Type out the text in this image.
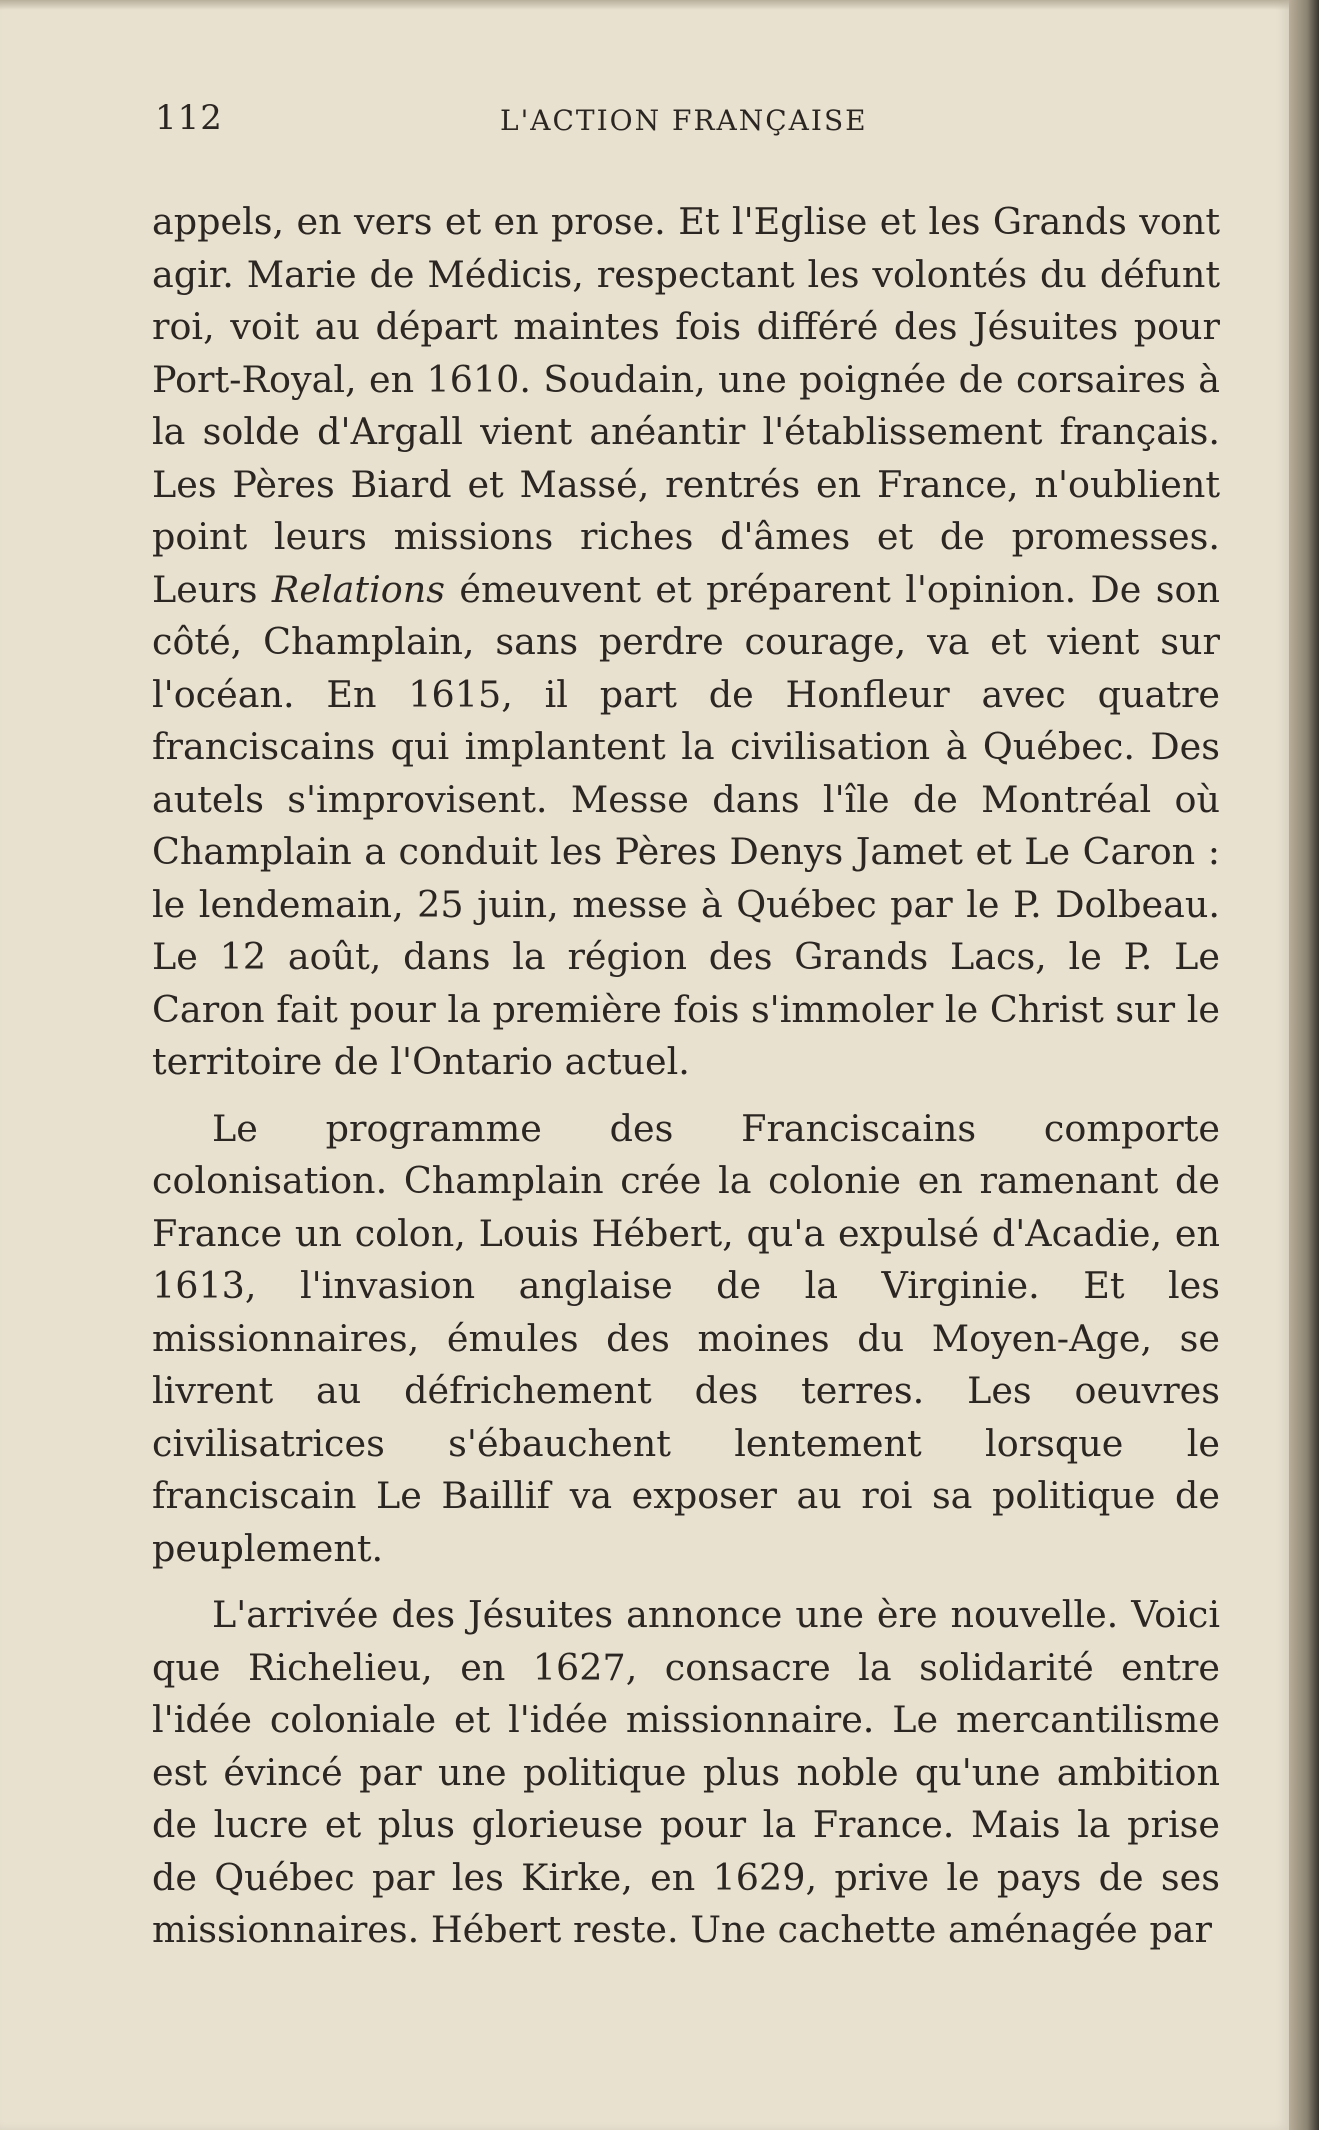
112	L'ACTION FRANÇAISE

appels, en vers et en prose. Et l'Eglise et les Grands vont agir. Marie de Médicis, respectant les volontés du défunt roi, voit au départ maintes fois différé des Jésuites pour Port-Royal, en 1610. Soudain, une poignée de corsaires à la solde d'Argall vient anéantir l'établissement français. Les Pères Biard et Massé, rentrés en France, n'oublient point leurs missions riches d'âmes et de promesses. Leurs Relations émeuvent et préparent l'opinion. De son côté, Champlain, sans perdre courage, va et vient sur l'océan. En 1615, il part de Honfleur avec quatre franciscains qui implantent la civilisation à Québec. Des autels s'improvisent. Messe dans l'île de Montréal où Champlain a conduit les Pères Denys Jamet et Le Caron : le lendemain, 25 juin, messe à Québec par le P. Dolbeau. Le 12 août, dans la région des Grands Lacs, le P. Le Caron fait pour la première fois s'immoler le Christ sur le territoire de l'Ontario actuel.

Le programme des Franciscains comporte colonisation. Champlain crée la colonie en ramenant de France un colon, Louis Hébert, qu'a expulsé d'Acadie, en 1613, l'invasion anglaise de la Virginie. Et les missionnaires, émules des moines du Moyen-Age, se livrent au défrichement des terres. Les oeuvres civilisatrices s'ébauchent lentement lorsque le franciscain Le Baillif va exposer au roi sa politique de peuplement.

L'arrivée des Jésuites annonce une ère nouvelle. Voici que Richelieu, en 1627, consacre la solidarité entre l'idée coloniale et l'idée missionnaire. Le mercantilisme est évincé par une politique plus noble qu'une ambition de lucre et plus glorieuse pour la France. Mais la prise de Québec par les Kirke, en 1629, prive le pays de ses missionnaires. Hébert reste. Une cachette aménagée par
